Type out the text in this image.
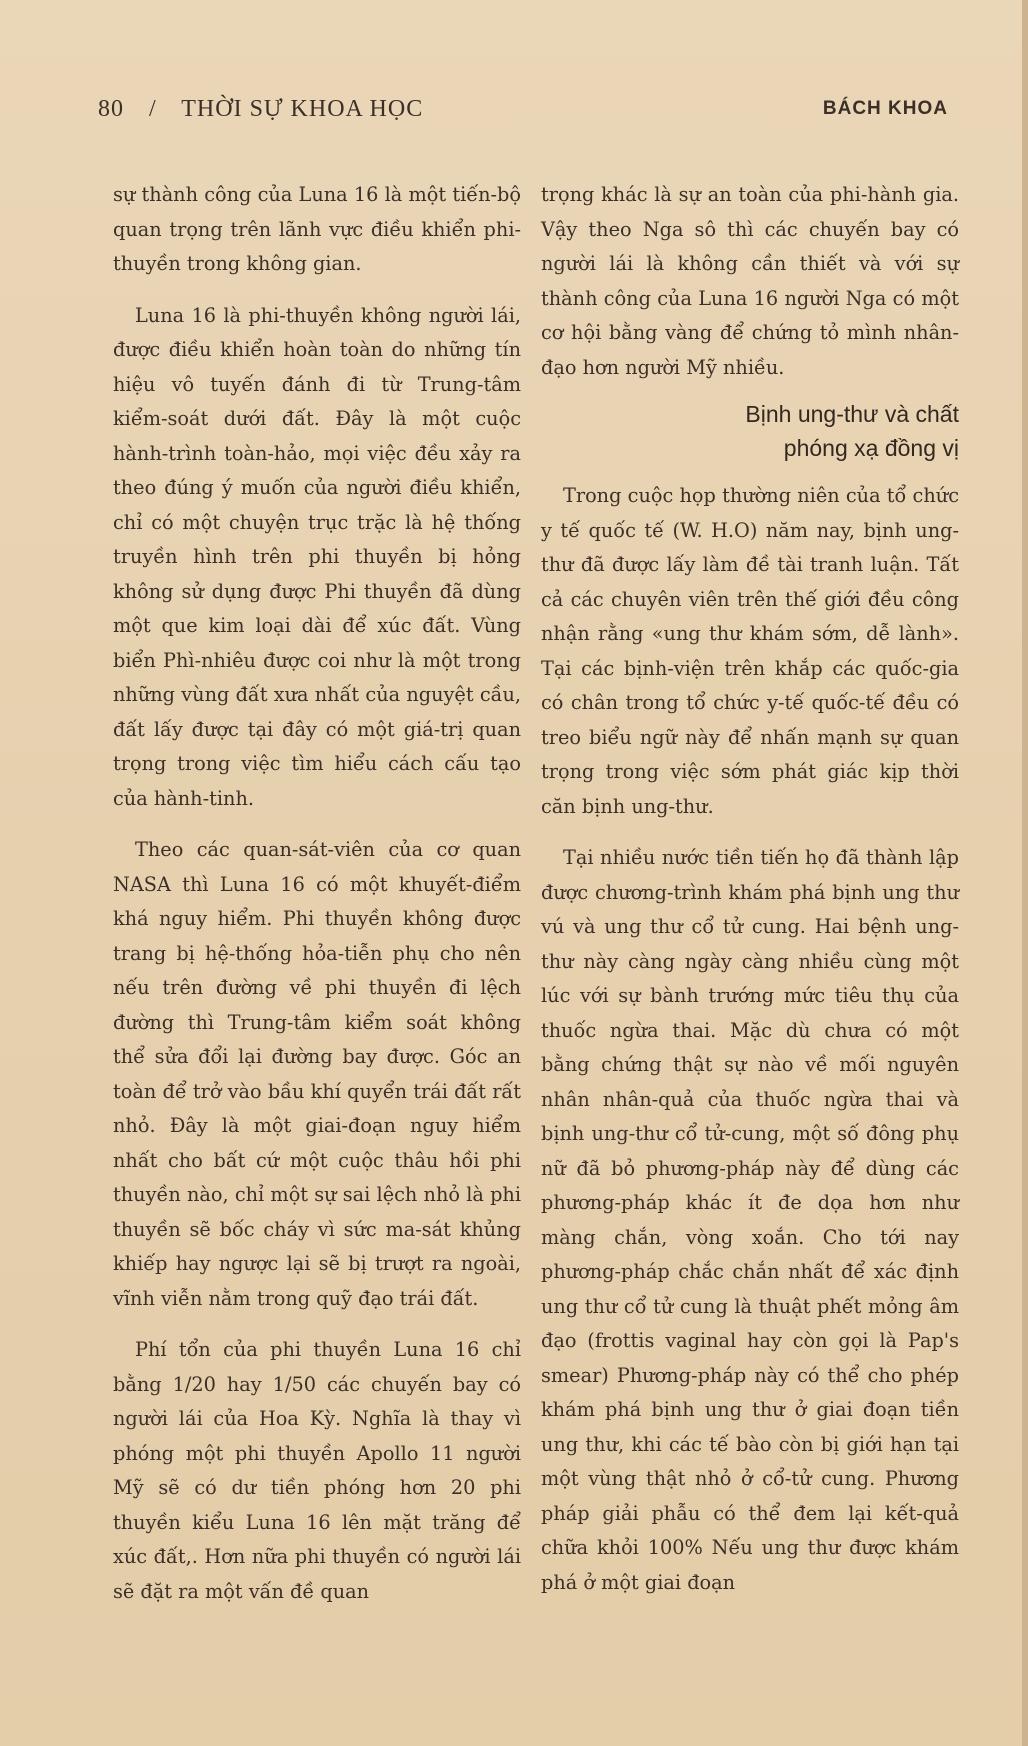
80 / THỜI SỰ KHOA HỌC	BÁCH KHOA

sự thành công của Luna 16 là một tiến-bộ quan trọng trên lãnh vực điều khiển phi-thuyền trong không gian.

Luna 16 là phi-thuyền không người lái, được điều khiển hoàn toàn do những tín hiệu vô tuyến đánh đi từ Trung-tâm kiểm-soát dưới đất. Đây là một cuộc hành-trình toàn-hảo, mọi việc đều xảy ra theo đúng ý muốn của người điều khiển, chỉ có một chuyện trục trặc là hệ thống truyền hình trên phi thuyền bị hỏng không sử dụng được Phi thuyền đã dùng một que kim loại dài để xúc đất. Vùng biển Phì-nhiêu được coi như là một trong những vùng đất xưa nhất của nguyệt cầu, đất lấy được tại đây có một giá-trị quan trọng trong việc tìm hiểu cách cấu tạo của hành-tinh.

Theo các quan-sát-viên của cơ quan NASA thì Luna 16 có một khuyết-điểm khá nguy hiểm. Phi thuyền không được trang bị hệ-thống hỏa-tiễn phụ cho nên nếu trên đường về phi thuyền đi lệch đường thì Trung-tâm kiểm soát không thể sửa đổi lại đường bay được. Góc an toàn để trở vào bầu khí quyển trái đất rất nhỏ. Đây là một giai-đoạn nguy hiểm nhất cho bất cứ một cuộc thâu hồi phi thuyền nào, chỉ một sự sai lệch nhỏ là phi thuyền sẽ bốc cháy vì sức ma-sát khủng khiếp hay ngược lại sẽ bị trượt ra ngoài, vĩnh viễn nằm trong quỹ đạo trái đất.

Phí tổn của phi thuyền Luna 16 chỉ bằng 1/20 hay 1/50 các chuyến bay có người lái của Hoa Kỳ. Nghĩa là thay vì phóng một phi thuyền Apollo 11 người Mỹ sẽ có dư tiền phóng hơn 20 phi thuyền kiểu Luna 16 lên mặt trăng để xúc đất,. Hơn nữa phi thuyền có người lái sẽ đặt ra một vấn đề quan

trọng khác là sự an toàn của phi-hành gia. Vậy theo Nga sô thì các chuyến bay có người lái là không cần thiết và với sự thành công của Luna 16 người Nga có một cơ hội bằng vàng để chứng tỏ mình nhân-đạo hơn người Mỹ nhiều.

Bịnh ung-thư và chất
phóng xạ đồng vị

Trong cuộc họp thường niên của tổ chức y tế quốc tế (W. H.O) năm nay, bịnh ung-thư đã được lấy làm đề tài tranh luận. Tất cả các chuyên viên trên thế giới đều công nhận rằng «ung thư khám sớm, dễ lành». Tại các bịnh-viện trên khắp các quốc-gia có chân trong tổ chức y-tế quốc-tế đều có treo biểu ngữ này để nhấn mạnh sự quan trọng trong việc sớm phát giác kịp thời căn bịnh ung-thư.

Tại nhiều nước tiền tiến họ đã thành lập được chương-trình khám phá bịnh ung thư vú và ung thư cổ tử cung. Hai bệnh ung-thư này càng ngày càng nhiều cùng một lúc với sự bành trướng mức tiêu thụ của thuốc ngừa thai. Mặc dù chưa có một bằng chứng thật sự nào về mối nguyên nhân nhân-quả của thuốc ngừa thai và bịnh ung-thư cổ tử-cung, một số đông phụ nữ đã bỏ phương-pháp này để dùng các phương-pháp khác ít đe dọa hơn như màng chắn, vòng xoắn. Cho tới nay phương-pháp chắc chắn nhất để xác định ung thư cổ tử cung là thuật phết mỏng âm đạo (frottis vaginal hay còn gọi là Pap's smear) Phương-pháp này có thể cho phép khám phá bịnh ung thư ở giai đoạn tiền ung thư, khi các tế bào còn bị giới hạn tại một vùng thật nhỏ ở cổ-tử cung. Phương pháp giải phẫu có thể đem lại kết-quả chữa khỏi 100% Nếu ung thư được khám phá ở một giai đoạn
